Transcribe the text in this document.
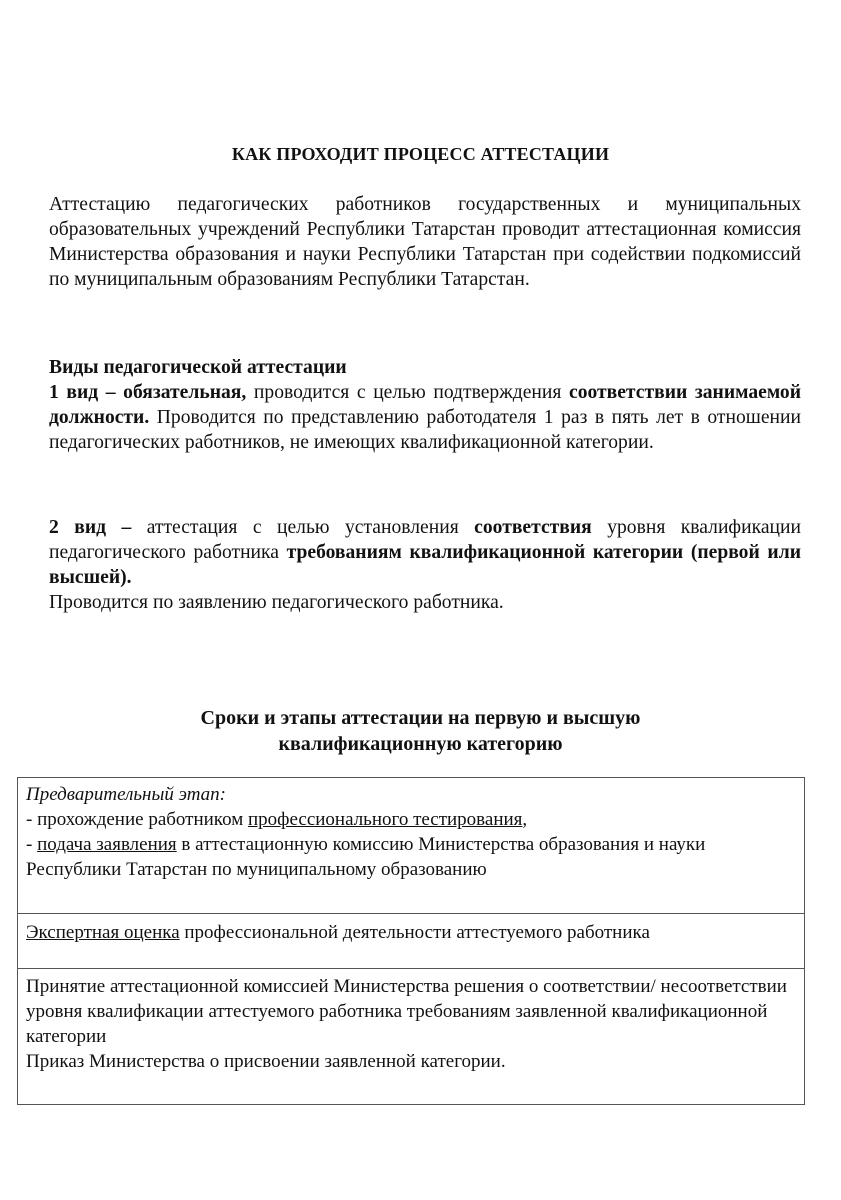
КАК ПРОХОДИТ ПРОЦЕСС АТТЕСТАЦИИ
Аттестацию педагогических работников государственных и муниципальных образовательных учреждений Республики Татарстан проводит аттестационная комиссия Министерства образования и науки Республики Татарстан при содействии подкомиссий по муниципальным образованиям Республики Татарстан.
Виды педагогической аттестации
1 вид – обязательная, проводится с целью подтверждения соответствии занимаемой должности. Проводится по представлению работодателя 1 раз в пять лет в отношении педагогических работников, не имеющих квалификационной категории.
2 вид – аттестация с целью установления соответствия уровня квалификации педагогического работника требованиям квалификационной категории (первой или высшей).
Проводится по заявлению педагогического работника.
Сроки и этапы аттестации на первую и высшую
квалификационную категорию
Предварительный этап:
- прохождение работником профессионального тестирования,
- подача заявления в аттестационную комиссию Министерства образования и науки Республики Татарстан по муниципальному образованию
Экспертная оценка профессиональной деятельности аттестуемого работника
Принятие аттестационной комиссией Министерства решения о соответствии/ несоответствии уровня квалификации аттестуемого работника требованиям заявленной квалификационной категории
Приказ Министерства о присвоении заявленной категории.
